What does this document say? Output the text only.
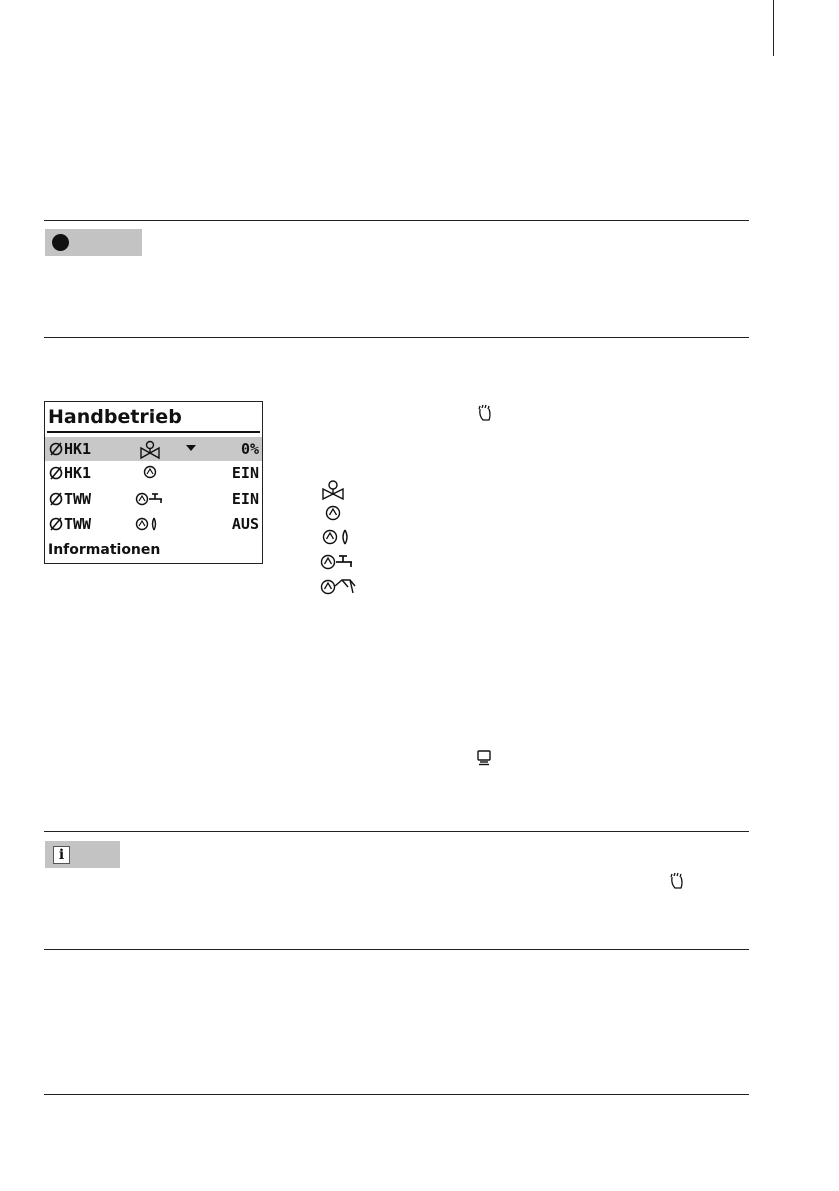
Handbetrieb
HK1	0%
HK1	EIN
TWW	EIN
TWW	AUS
Informationen
i
